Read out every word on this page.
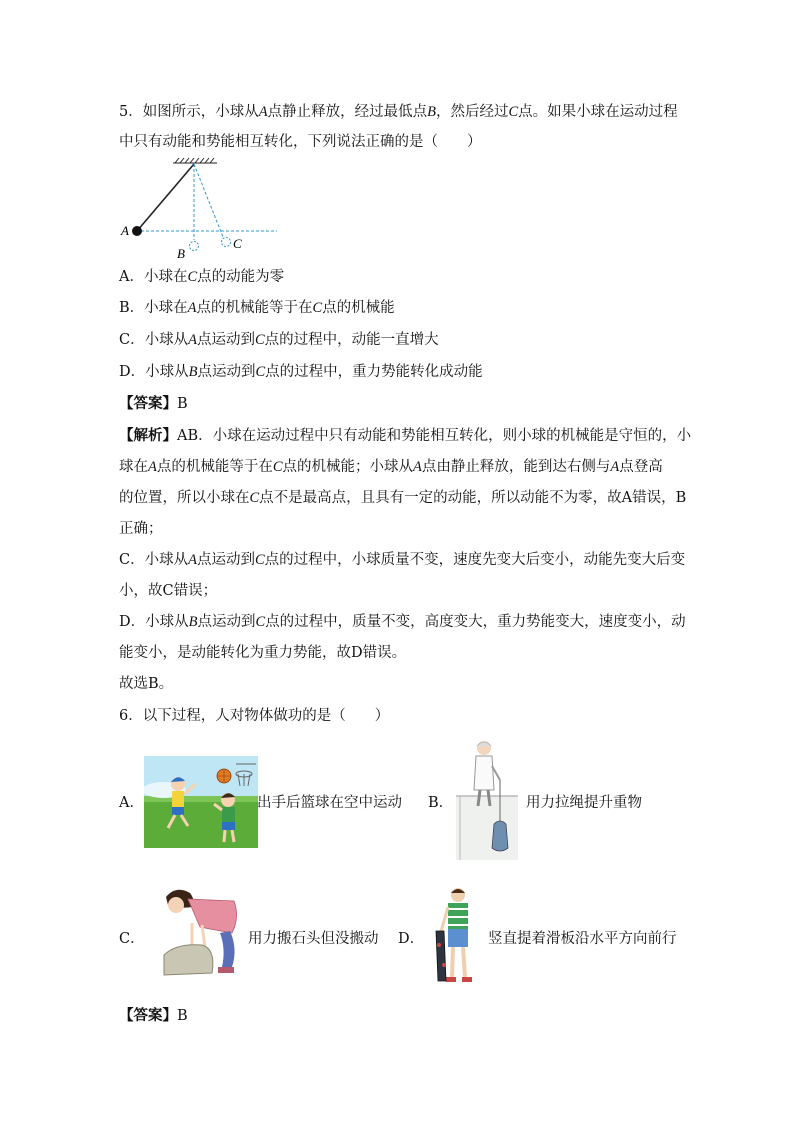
5．如图所示，小球从A点静止释放，经过最低点B，然后经过C点。如果小球在运动过程
中只有动能和势能相互转化，下列说法正确的是（　　）
A
B
C
A．小球在C点的动能为零
B．小球在A点的机械能等于在C点的机械能
C．小球从A点运动到C点的过程中，动能一直增大
D．小球从B点运动到C点的过程中，重力势能转化成动能
【答案】B
【解析】AB．小球在运动过程中只有动能和势能相互转化，则小球的机械能是守恒的，小
球在A点的机械能等于在C点的机械能；小球从A点由静止释放，能到达右侧与A点登高
的位置，所以小球在C点不是最高点，且具有一定的动能，所以动能不为零，故A错误，B
正确；
C．小球从A点运动到C点的过程中，小球质量不变，速度先变大后变小，动能先变大后变
小，故C错误；
D．小球从B点运动到C点的过程中，质量不变，高度变大，重力势能变大，速度变小，动
能变小，是动能转化为重力势能，故D错误。
故选B。
6．以下过程，人对物体做功的是（　　）
A．	出手后篮球在空中运动 B．	用力拉绳提升重物
C．	用力搬石头但没搬动 D．	竖直提着滑板沿水平方向前行
【答案】B
